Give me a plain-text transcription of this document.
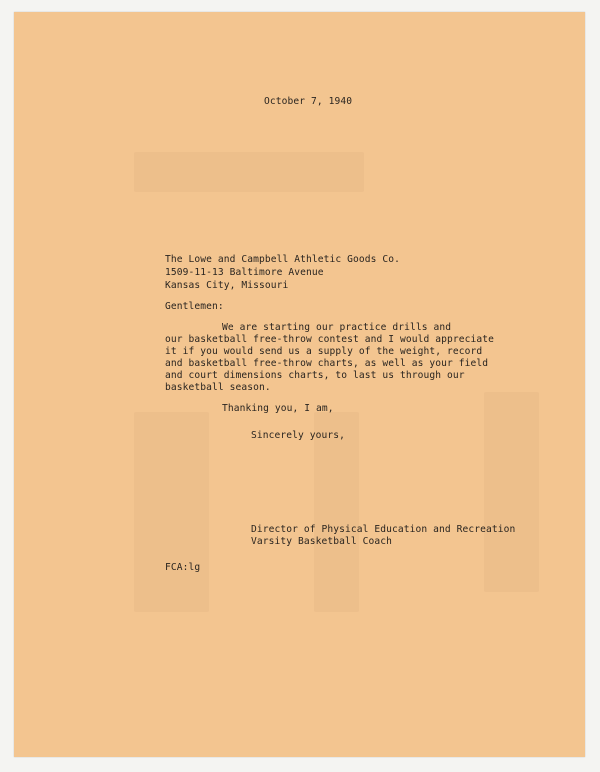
October 7, 1940
The Lowe and Campbell Athletic Goods Co.
1509-11-13 Baltimore Avenue
Kansas City, Missouri
Gentlemen:
We are starting our practice drills and
our basketball free-throw contest and I would appreciate
it if you would send us a supply of the weight, record
and basketball free-throw charts, as well as your field
and court dimensions charts, to last us through our
basketball season.
Thanking you, I am,
Sincerely yours,
Director of Physical Education and Recreation
Varsity Basketball Coach
FCA:lg
